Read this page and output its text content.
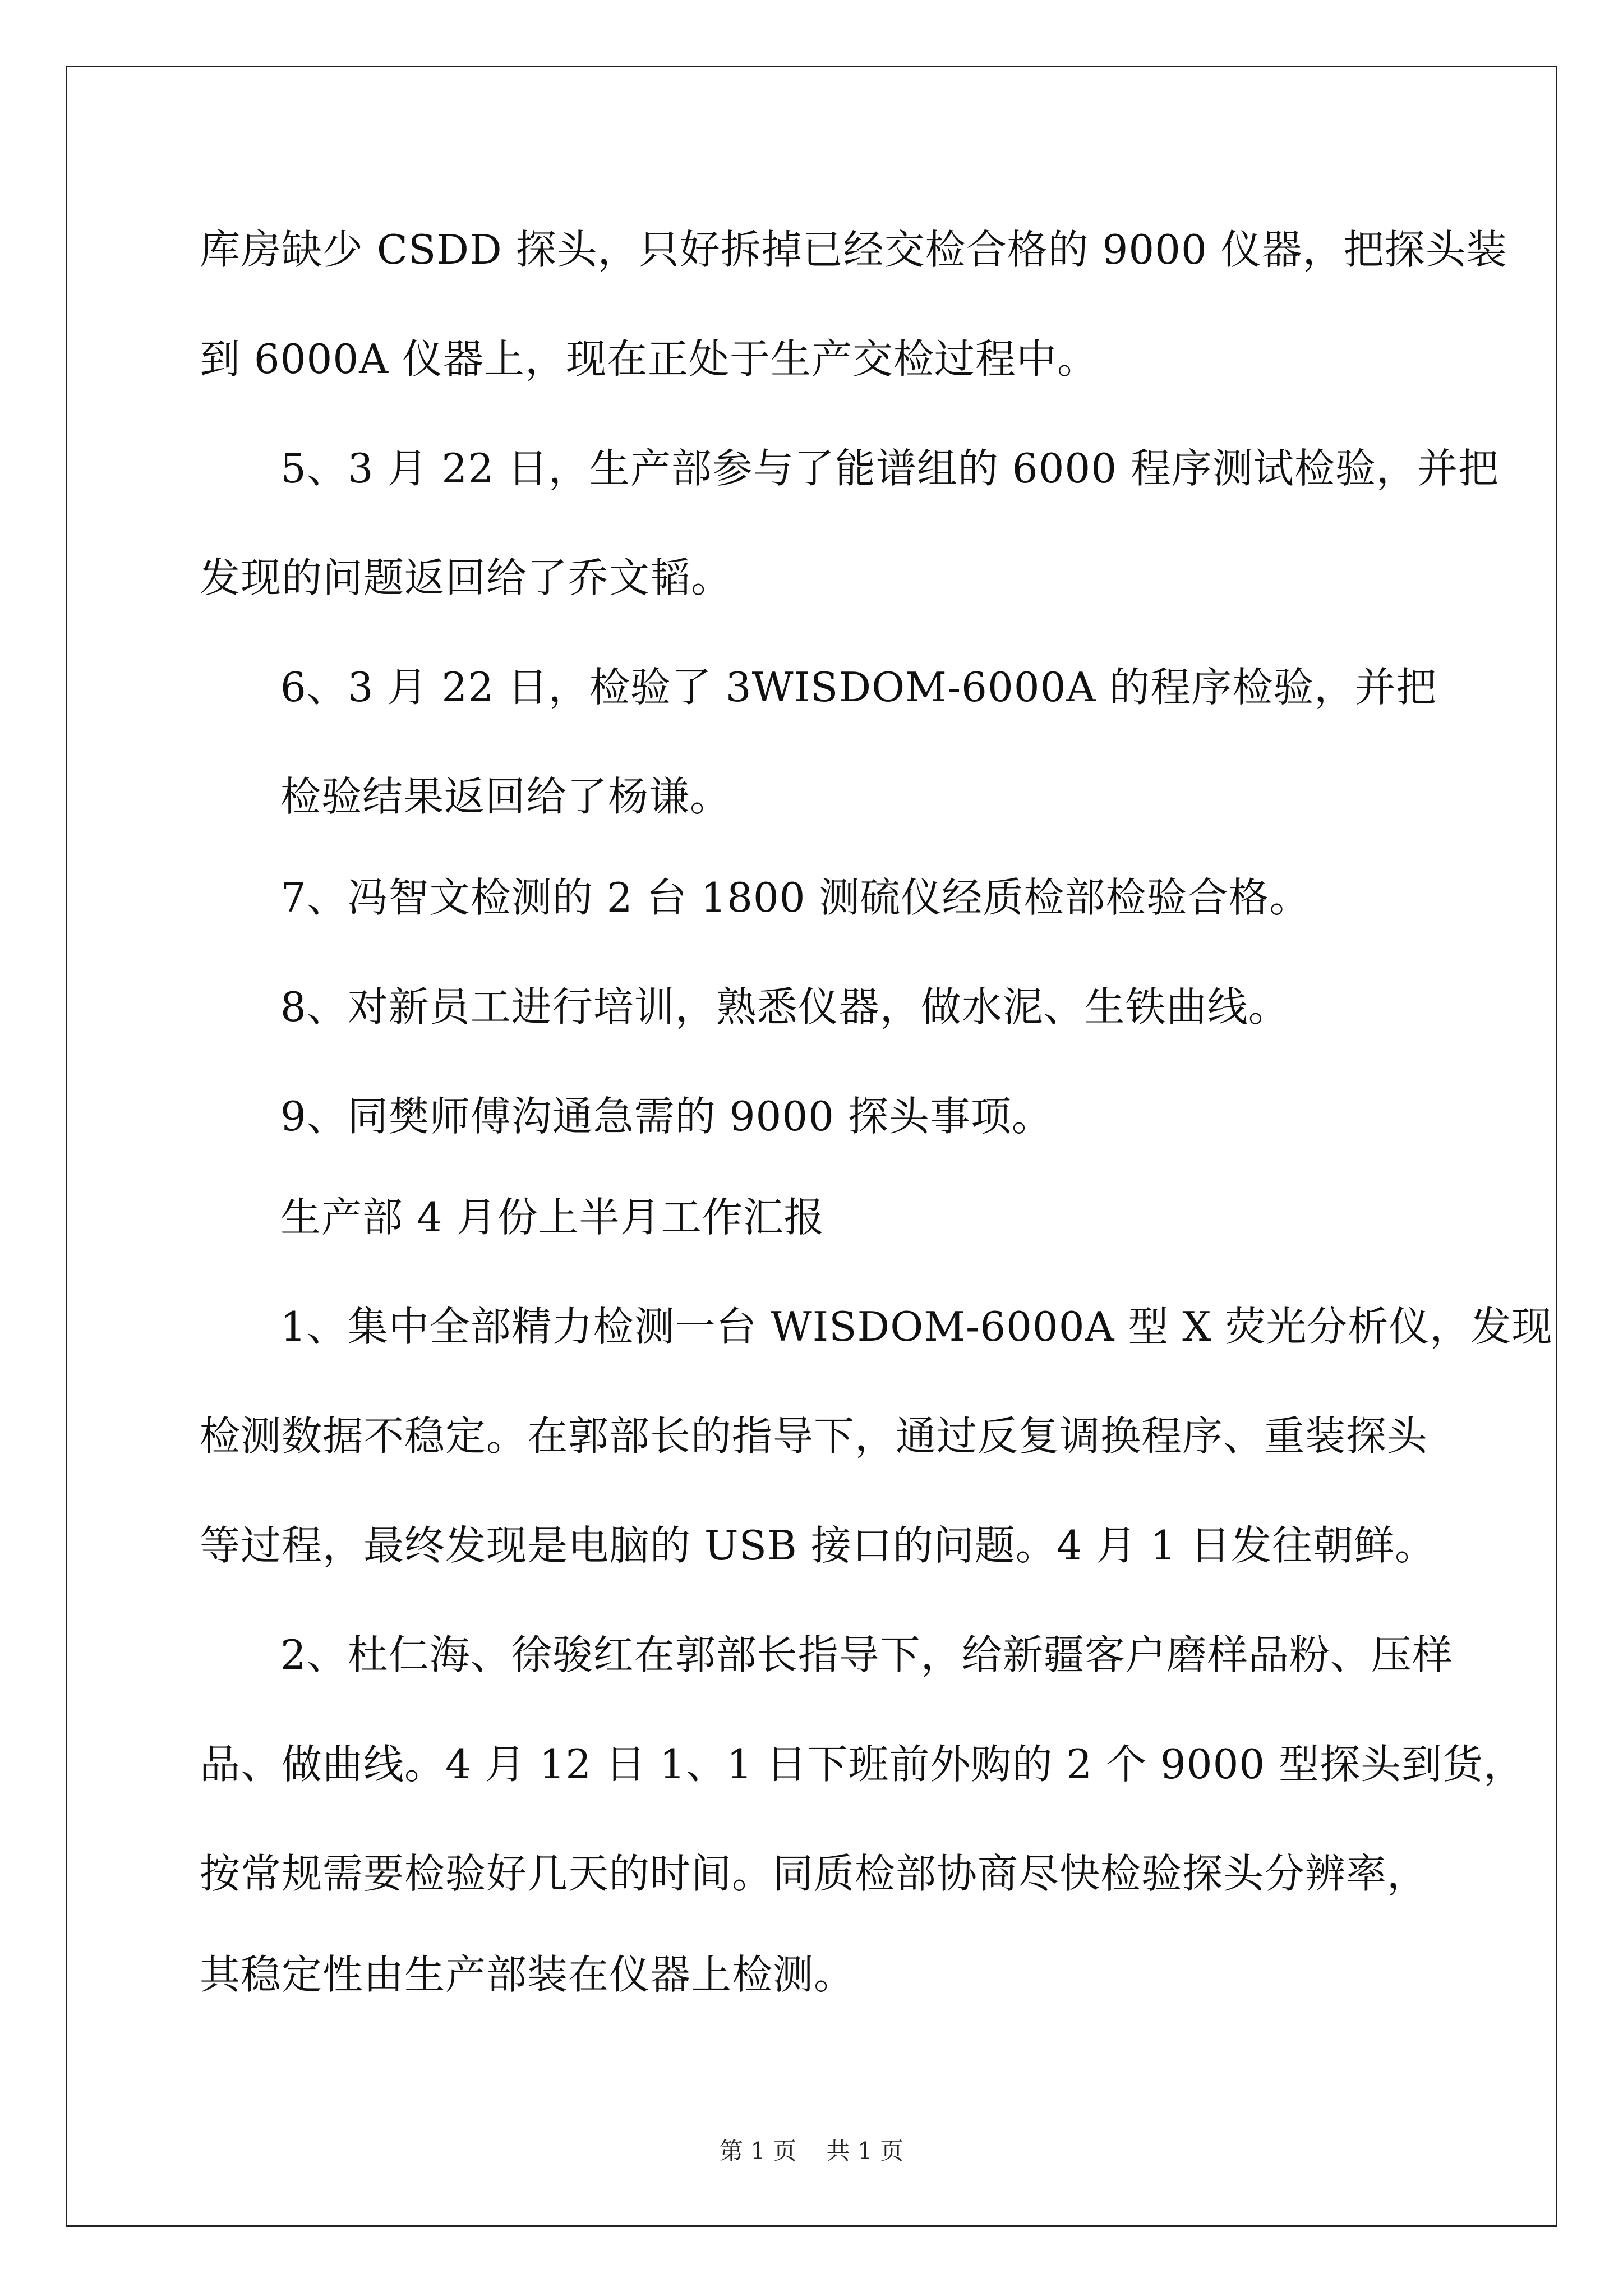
库房缺少 CSDD 探头，只好拆掉已经交检合格的 9000 仪器，把探头装
到 6000A 仪器上，现在正处于生产交检过程中。
5、3 月 22 日，生产部参与了能谱组的 6000 程序测试检验，并把
发现的问题返回给了乔文韬。
6、3 月 22 日，检验了 3WISDOM-6000A 的程序检验，并把
检验结果返回给了杨谦。
7、冯智文检测的 2 台 1800 测硫仪经质检部检验合格。
8、对新员工进行培训，熟悉仪器，做水泥、生铁曲线。
9、同樊师傅沟通急需的 9000 探头事项。
生产部 4 月份上半月工作汇报
1、集中全部精力检测一台 WISDOM-6000A 型 X 荧光分析仪，发现
检测数据不稳定。在郭部长的指导下，通过反复调换程序、重装探头
等过程，最终发现是电脑的 USB 接口的问题。4 月 1 日发往朝鲜。
2、杜仁海、徐骏红在郭部长指导下，给新疆客户磨样品粉、压样
品、做曲线。4 月 12 日 1、1 日下班前外购的 2 个 9000 型探头到货，
按常规需要检验好几天的时间。同质检部协商尽快检验探头分辨率，
其稳定性由生产部装在仪器上检测。
第 1 页 共 1 页
